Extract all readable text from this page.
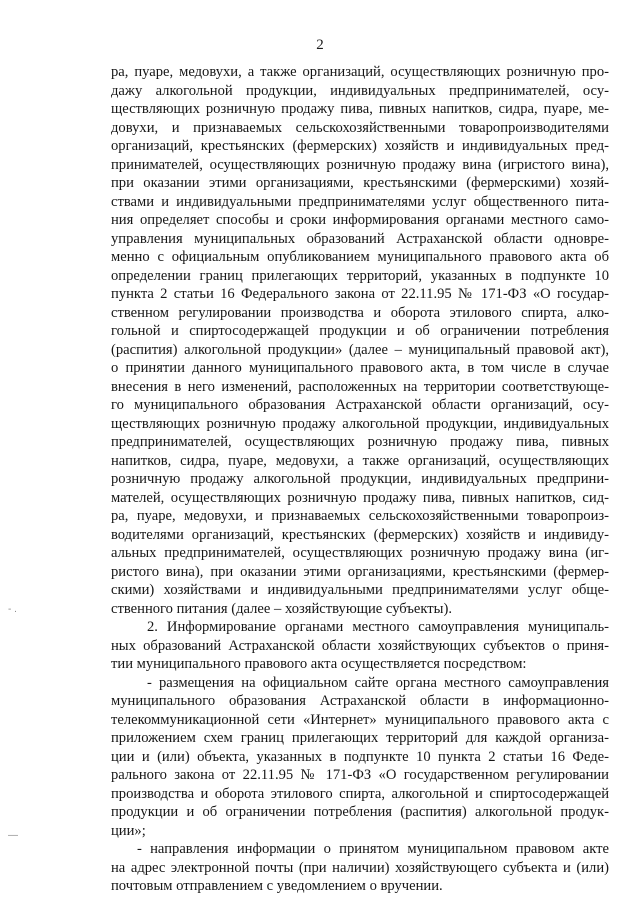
2
ра, пуаре, медовухи, а также организаций, осуществляющих розничную про-
дажу алкогольной продукции, индивидуальных предпринимателей, осу-
ществляющих розничную продажу пива, пивных напитков, сидра, пуаре, ме-
довухи, и признаваемых сельскохозяйственными товаропроизводителями
организаций, крестьянских (фермерских) хозяйств и индивидуальных пред-
принимателей, осуществляющих розничную продажу вина (игристого вина),
при оказании этими организациями, крестьянскими (фермерскими) хозяй-
ствами и индивидуальными предпринимателями услуг общественного пита-
ния определяет способы и сроки информирования органами местного само-
управления муниципальных образований Астраханской области одновре-
менно с официальным опубликованием муниципального правового акта об
определении границ прилегающих территорий, указанных в подпункте 10
пункта 2 статьи 16 Федерального закона от 22.11.95 № 171-ФЗ «О государ-
ственном регулировании производства и оборота этилового спирта, алко-
гольной и спиртосодержащей продукции и об ограничении потребления
(распития) алкогольной продукции» (далее – муниципальный правовой акт),
о принятии данного муниципального правового акта, в том числе в случае
внесения в него изменений, расположенных на территории соответствующе-
го муниципального образования Астраханской области организаций, осу-
ществляющих розничную продажу алкогольной продукции, индивидуальных
предпринимателей, осуществляющих розничную продажу пива, пивных
напитков, сидра, пуаре, медовухи, а также организаций, осуществляющих
розничную продажу алкогольной продукции, индивидуальных предприни-
мателей, осуществляющих розничную продажу пива, пивных напитков, сид-
ра, пуаре, медовухи, и признаваемых сельскохозяйственными товаропроиз-
водителями организаций, крестьянских (фермерских) хозяйств и индивиду-
альных предпринимателей, осуществляющих розничную продажу вина (иг-
ристого вина), при оказании этими организациями, крестьянскими (фермер-
скими) хозяйствами и индивидуальными предпринимателями услуг обще-
ственного питания (далее – хозяйствующие субъекты).
2. Информирование органами местного самоуправления муниципаль-
ных образований Астраханской области хозяйствующих субъектов о приня-
тии муниципального правового акта осуществляется посредством:
- размещения на официальном сайте органа местного самоуправления
муниципального образования Астраханской области в информационно-
телекоммуникационной сети «Интернет» муниципального правового акта с
приложением схем границ прилегающих территорий для каждой организа-
ции и (или) объекта, указанных в подпункте 10 пункта 2 статьи 16 Феде-
рального закона от 22.11.95 № 171-ФЗ «О государственном регулировании
производства и оборота этилового спирта, алкогольной и спиртосодержащей
продукции и об ограничении потребления (распития) алкогольной продук-
ции»;
- направления информации о принятом муниципальном правовом акте
на адрес электронной почты (при наличии) хозяйствующего субъекта и (или)
почтовым отправлением с уведомлением о вручении.
- .
—
